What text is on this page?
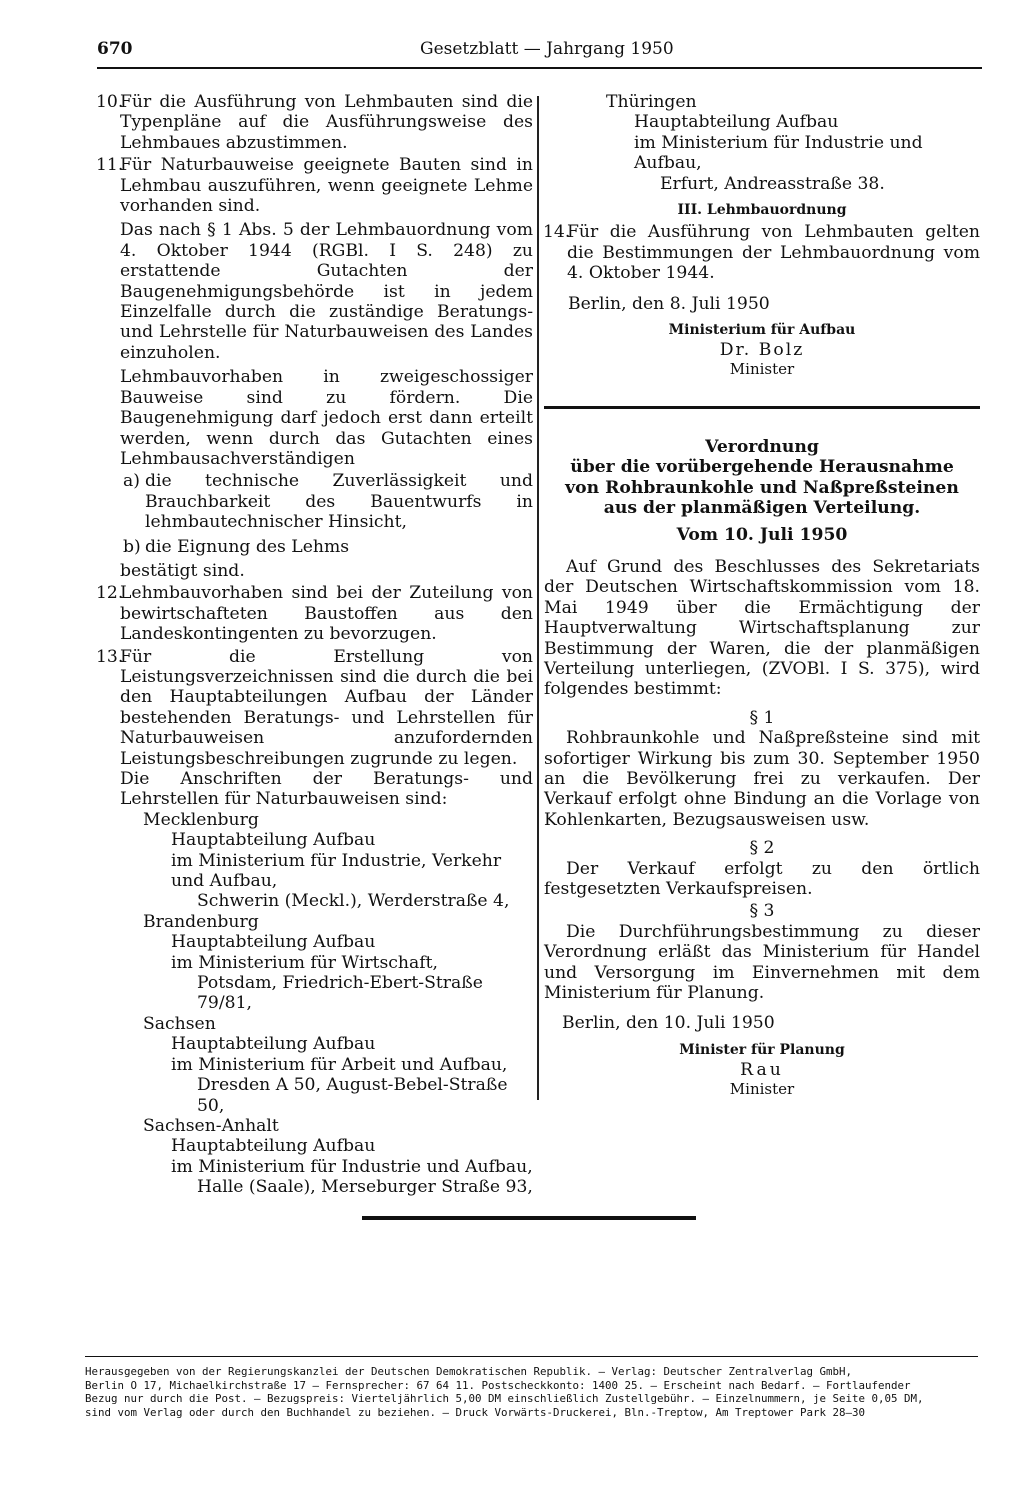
670	Gesetzblatt — Jahrgang 1950
10.
Für die Ausführung von Lehmbauten sind die Typenpläne auf die Ausführungsweise des Lehmbaues abzustimmen.
11.
Für Naturbauweise geeignete Bauten sind in Lehmbau auszuführen, wenn geeignete Lehme vorhanden sind.

Das nach § 1 Abs. 5 der Lehmbauordnung vom 4. Oktober 1944 (RGBl. I S. 248) zu erstattende Gutachten der Baugenehmigungsbehörde ist in jedem Einzelfalle durch die zuständige Beratungs- und Lehrstelle für Naturbauweisen des Landes einzuholen.

Lehmbauvorhaben in zweigeschossiger Bauweise sind zu fördern. Die Baugenehmigung darf jedoch erst dann erteilt werden, wenn durch das Gutachten eines Lehmbausachverständigen

a) die technische Zuverlässigkeit und Brauchbarkeit des Bauentwurfs in lehmbautechnischer Hinsicht,
b) die Eignung des Lehms

bestätigt sind.

12.
Lehmbauvorhaben sind bei der Zuteilung von bewirtschafteten Baustoffen aus den Landeskontingenten zu bevorzugen.
13.
Für die Erstellung von Leistungsverzeichnissen sind die durch die bei den Hauptabteilungen Aufbau der Länder bestehenden Beratungs- und Lehrstellen für Naturbauweisen anzufordernden Leistungsbeschreibungen zugrunde zu legen.

Die Anschriften der Beratungs- und Lehrstellen für Naturbauweisen sind:

Mecklenburg

Hauptabteilung Aufbau

im Ministerium für Industrie, Verkehr

und Aufbau,

Schwerin (Meckl.), Werderstraße 4,

Brandenburg

Hauptabteilung Aufbau

im Ministerium für Wirtschaft,

Potsdam, Friedrich-Ebert-Straße 79/81,

Sachsen

Hauptabteilung Aufbau

im Ministerium für Arbeit und Aufbau,

Dresden A 50, August-Bebel-Straße 50,

Sachsen-Anhalt

Hauptabteilung Aufbau

im Ministerium für Industrie und Aufbau,

Halle (Saale), Merseburger Straße 93,

Thüringen

Hauptabteilung Aufbau

im Ministerium für Industrie und Aufbau,

Erfurt, Andreasstraße 38.

III. Lehmbauordnung

14.
Für die Ausführung von Lehmbauten gelten die Bestimmungen der Lehmbauordnung vom 4. Oktober 1944.

Berlin, den 8. Juli 1950

Ministerium für Aufbau

Dr. Bolz

Minister

Verordnung

über die vorübergehende Herausnahme von Rohbraunkohle und Naßpreßsteinen aus der planmäßigen Verteilung.

Vom 10. Juli 1950

Auf Grund des Beschlusses des Sekretariats der Deutschen Wirtschaftskommission vom 18. Mai 1949 über die Ermächtigung der Hauptverwaltung Wirtschaftsplanung zur Bestimmung der Waren, die der planmäßigen Verteilung unterliegen, (ZVOBl. I S. 375), wird folgendes bestimmt:

§ 1

Rohbraunkohle und Naßpreßsteine sind mit sofortiger Wirkung bis zum 30. September 1950 an die Bevölkerung frei zu verkaufen. Der Verkauf erfolgt ohne Bindung an die Vorlage von Kohlenkarten, Bezugsausweisen usw.

§ 2

Der Verkauf erfolgt zu den örtlich festgesetzten Verkaufspreisen.

§ 3

Die Durchführungsbestimmung zu dieser Verordnung erläßt das Ministerium für Handel und Versorgung im Einvernehmen mit dem Ministerium für Planung.

Berlin, den 10. Juli 1950

Minister für Planung

Rau

Minister

Herausgegeben von der Regierungskanzlei der Deutschen Demokratischen Republik. — Verlag: Deutscher Zentralverlag GmbH,

Berlin O 17, Michaelkirchstraße 17 — Fernsprecher: 67 64 11. Postscheckkonto: 1400 25. — Erscheint nach Bedarf. — Fortlaufender

Bezug nur durch die Post. — Bezugspreis: Vierteljährlich 5,00 DM einschließlich Zustellgebühr. — Einzelnummern, je Seite 0,05 DM,

sind vom Verlag oder durch den Buchhandel zu beziehen. — Druck Vorwärts-Druckerei, Bln.-Treptow, Am Treptower Park 28—30
